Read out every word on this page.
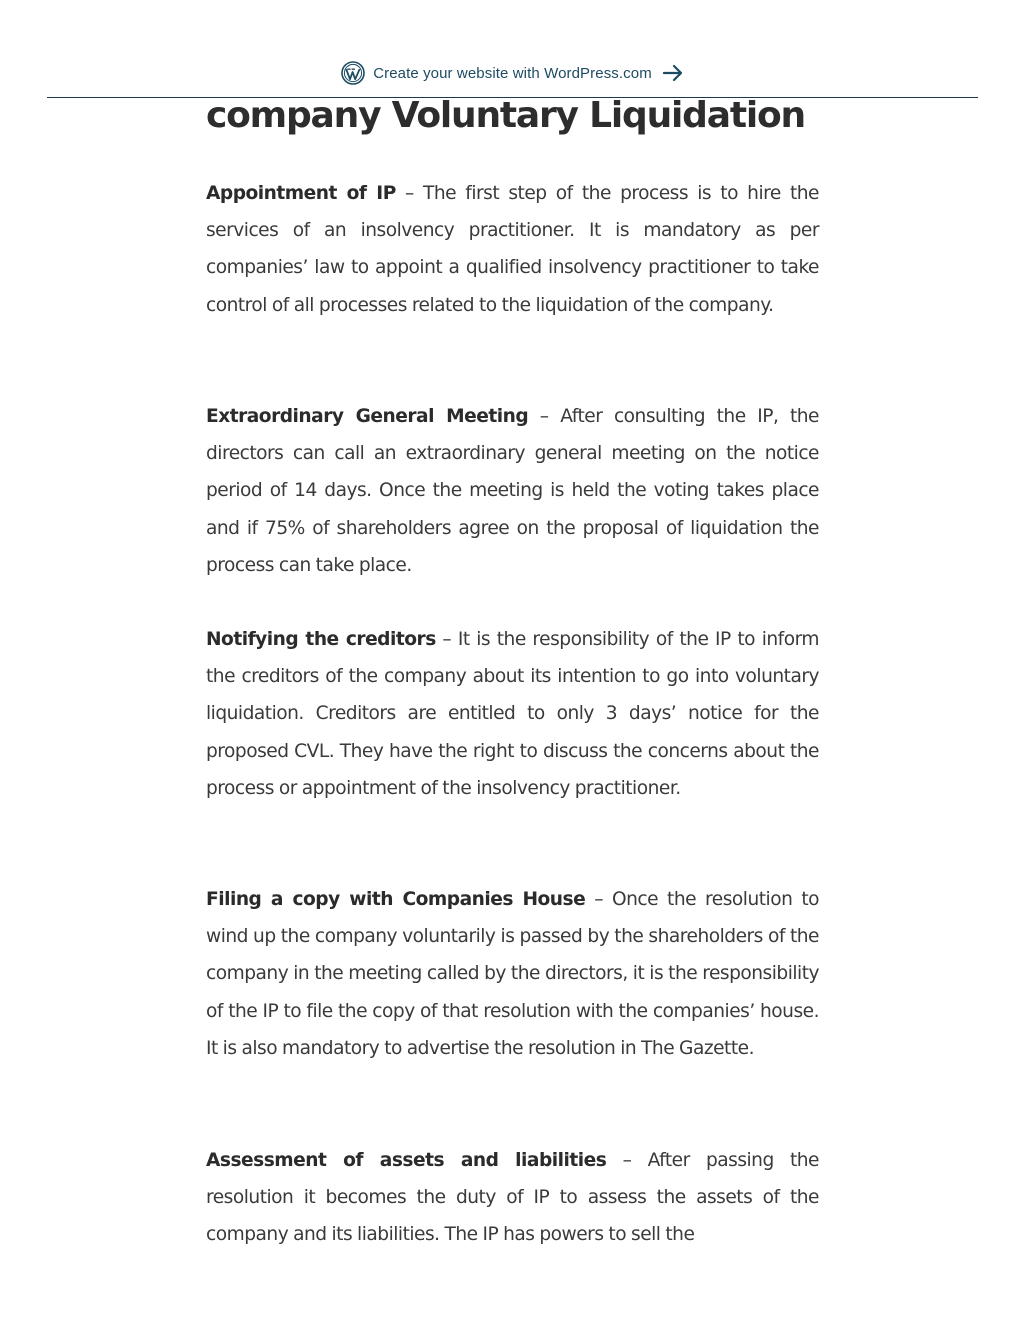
Create your website with WordPress.com
company Voluntary Liquidation

Appointment of IP – The first step of the process is to hire the services of an insolvency practitioner. It is mandatory as per companies’ law to appoint a qualified insolvency practitioner to take control of all processes related to the liquidation of the company.

Extraordinary General Meeting – After consulting the IP, the directors can call an extraordinary general meeting on the notice period of 14 days. Once the meeting is held the voting takes place and if 75% of shareholders agree on the proposal of liquidation the process can take place.

Notifying the creditors – It is the responsibility of the IP to inform the creditors of the company about its intention to go into voluntary liquidation. Creditors are entitled to only 3 days’ notice for the proposed CVL. They have the right to discuss the concerns about the process or appointment of the insolvency practitioner.

Filing a copy with Companies House – Once the resolution to wind up the company voluntarily is passed by the shareholders of the company in the meeting called by the directors, it is the responsibility of the IP to file the copy of that resolution with the companies’ house. It is also mandatory to advertise the resolution in The Gazette.

Assessment of assets and liabilities – After passing the resolution it becomes the duty of IP to assess the assets of the company and its liabilities. The IP has powers to sell the
